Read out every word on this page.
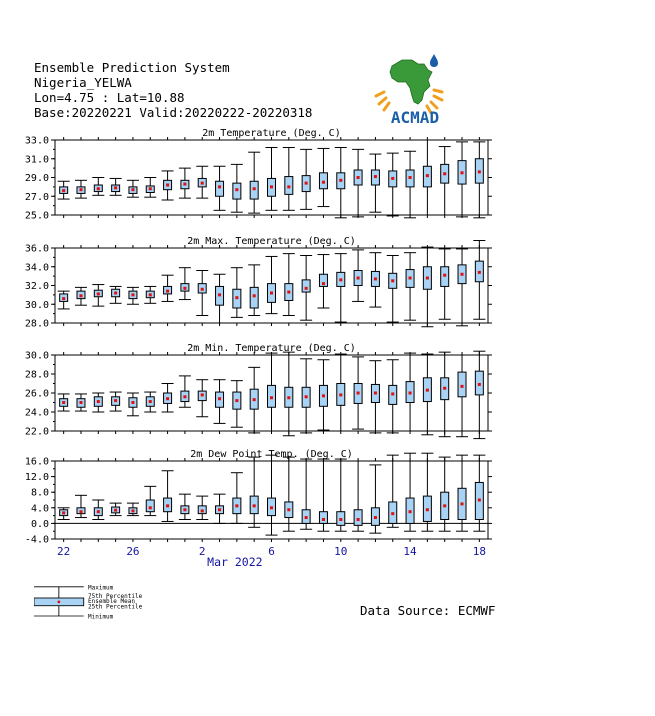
Ensemble Prediction System
Nigeria_YELWA
Lon=4.75 : Lat=10.88
Base:20220221 Valid:20220222-20220318	ACMAD
2m Temperature (Deg. C)
33.0
31.0
29.0
27.0
25.0
2m Max. Temperature (Deg. C)
36.0
34.0
32.0
30.0
28.0
2m Min. Temperature (Deg. C)
30.0
28.0
26.0
24.0
22.0
2m Dew Point Temp. (Deg. C)
16.0
12.0
8.0
4.0
0.0
-4.0
22	26	2	6	10	14	18
Mar 2022
Maximum
75th Percentile
Ensemble Mean
25th Percentile
Minimum	Data Source: ECMWF
